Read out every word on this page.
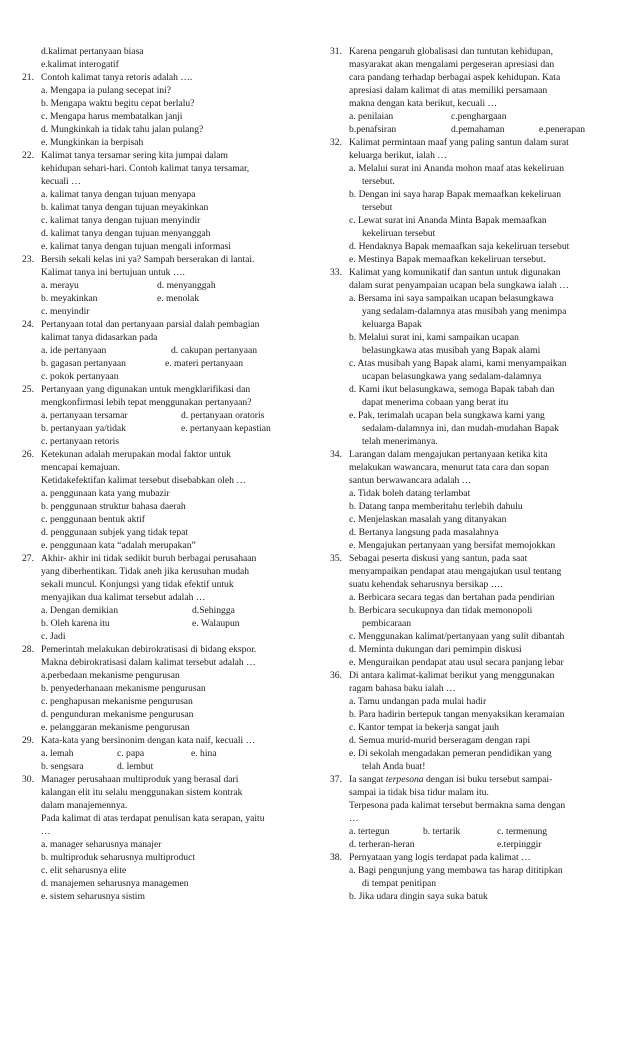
d.kalimat pertanyaan biasa
e.kalimat interogatif
21. Contoh kalimat tanya retoris adalah ….
a. Mengapa ia pulang secepat ini?
b. Mengapa waktu begitu cepat berlalu?
c. Mengapa harus membatalkan janji
d. Mungkinkah ia tidak tahu jalan pulang?
e. Mungkinkan ia berpisah
22. Kalimat tanya tersamar sering kita jumpai dalam
kehidupan sehari-hari. Contoh kalimat tanya tersamar,
kecuali …
a. kalimat tanya dengan tujuan menyapa
b. kalimat tanya dengan tujuan meyakinkan
c. kalimat tanya dengan tujuan menyindir
d. kalimat tanya dengan tujuan menyanggah
e. kalimat tanya dengan tujuan mengali informasi
23. Bersih sekali kelas ini ya? Sampah berserakan di lantai.
Kalimat tanya ini bertujuan untuk ….
a. merayu	d. menyanggah
b. meyakinkan	e. menolak
c. menyindir
24. Pertanyaan total dan pertanyaan parsial dalah pembagian
kalimat tanya didasarkan pada
a. ide pertanyaan	d. cakupan pertanyaan
b. gagasan pertanyaan	e. materi pertanyaan
c. pokok pertanyaan
25. Pertanyaan yang digunakan untuk mengklarifikasi dan
mengkonfirmasi lebih tepat menggunakan pertanyaan?
a. pertanyaan tersamar	d. pertanyaan oratoris
b. pertanyaan ya/tidak	e. pertanyaan kepastian
c. pertanyaan retoris
26. Ketekunan adalah merupakan modal faktor untuk
mencapai kemajuan.
Ketidakefektifan kalimat tersebut disebabkan oleh …
a. penggunaan kata yang mubazir
b. penggunaan struktur bahasa daerah
c. penggunaan bentuk aktif
d. penggunaan subjek yang tidak tepat
e. penggunaan kata “adalah merupakan”
27. Akhir- akhir ini tidak sedikit buruh berbagai perusahaan
yang diberhentikan. Tidak aneh jika kerusuhan mudah
sekali muncul. Konjungsi yang tidak efektif untuk
menyajikan dua kalimat tersebut adalah …
a. Dengan demikian	d.Sehingga
b. Oleh karena itu	e. Walaupun
c. Jadi
28. Pemerintah melakukan debirokratisasi di bidang ekspor.
Makna debirokratisasi dalam kalimat tersebut adalah …
a.perbedaan mekanisme pengurusan
b. penyederhanaan mekanisme pengurusan
c. penghapusan mekanisme pengurusan
d. pengunduran mekanisme pengurusan
e. pelanggaran mekanisme pengurusan
29. Kata-kata yang bersinonim dengan kata naif, kecuali …
a. lemah	c. papa	e. hina
b. sengsara	d. lembut
30. Manager perusahaan multiproduk yang berasal dari
kalangan elit itu selalu menggunakan sistem kontrak
dalam manajemennya.
Pada kalimat di atas terdapat penulisan kata serapan, yaitu
…
a. manager seharusnya manajer
b. multiproduk seharusnya multiproduct
c. elit seharusnya elite
d. manajemen seharusnya managemen
e. sistem seharusnya sistim
31. Karena pengaruh globalisasi dan tuntutan kehidupan,
masyarakat akan mengalami pergeseran apresiasi dan
cara pandang terhadap berbagai aspek kehidupan. Kata
apresiasi dalam kalimat di atas memiliki persamaan
makna dengan kata berikut, kecuali …
a. penilaian	c.penghargaan
b.penafsiran	d.pemahaman	e.penerapan
32. Kalimat permintaan maaf yang paling santun dalam surat
keluarga berikut, ialah …
a. Melalui surat ini Ananda mohon maaf atas kekeliruan
tersebut.
b. Dengan ini saya harap Bapak memaafkan kekeliruan
tersebut
c. Lewat surat ini Ananda Minta Bapak memaafkan
kekeliruan tersebut
d. Hendaknya Bapak memaafkan saja kekeliruan tersebut
e. Mestinya Bapak memaafkan kekeliruan tersebut.
33. Kalimat yang komunikatif dan santun untuk digunakan
dalam surat penyampaian ucapan bela sungkawa ialah …
a. Bersama ini saya sampaikan ucapan belasungkawa
yang sedalam-dalamnya atas musibah yang menimpa
keluarga Bapak
b. Melalui surat ini, kami sampaikan ucapan
belasungkawa atas musibah yang Bapak alami
c. Atas musibah yang Bapak alami, kami menyampaikan
ucapan belasungkawa yang sedalam-dalamnya
d. Kami ikut belasungkawa, semoga Bapak tabah dan
dapat menerima cobaan yang berat itu
e. Pak, terimalah ucapan bela sungkawa kami yang
sedalam-dalamnya ini, dan mudah-mudahan Bapak
telah menerimanya.
34. Larangan dalam mengajukan pertanyaan ketika kita
melakukan wawancara, menurut tata cara dan sopan
santun berwawancara adalah …
a. Tidak boleh datang terlambat
b. Datang tanpa memberitahu terlebih dahulu
c. Menjelaskan masalah yang ditanyakan
d. Bertanya langsung pada masalahnya
e. Mengajukan pertanyaan yang bersifat memojokkan
35. Sebagai peserta diskusi yang santun, pada saat
menyampaikan pendapat atau mengajukan usul tentang
suatu kehendak seharusnya bersikap ….
a. Berbicara secara tegas dan bertahan pada pendirian
b. Berbicara secukupnya dan tidak memonopoli
pembicaraan
c. Menggunakan kalimat/pertanyaan yang sulit dibantah
d. Meminta dukungan dari pemimpin diskusi
e. Menguraikan pendapat atau usul secara panjang lebar
36. Di antara kalimat-kalimat berikut yang menggunakan
ragam bahasa baku ialah …
a. Tamu undangan pada mulai hadir
b. Para hadirin bertepuk tangan menyaksikan keramaian
c. Kantor tempat ia bekerja sangat jauh
d. Semua murid-murid berseragam dengan rapi
e. Di sekolah mengadakan pemeran pendidikan yang
telah Anda buat!
37. Ia sangat terpesona dengan isi buku tersebut sampai-
sampai ia tidak bisa tidur malam itu.
Terpesona pada kalimat tersebut bermakna sama dengan
…
a. tertegun	b. tertarik	c. termenung
d. terheran-heran	e.terpinggir
38. Pernyataan yang logis terdapat pada kalimat …
a. Bagi pengunjung yang membawa tas harap dititipkan
di tempat penitipan
b. Jika udara dingin saya suka batuk
